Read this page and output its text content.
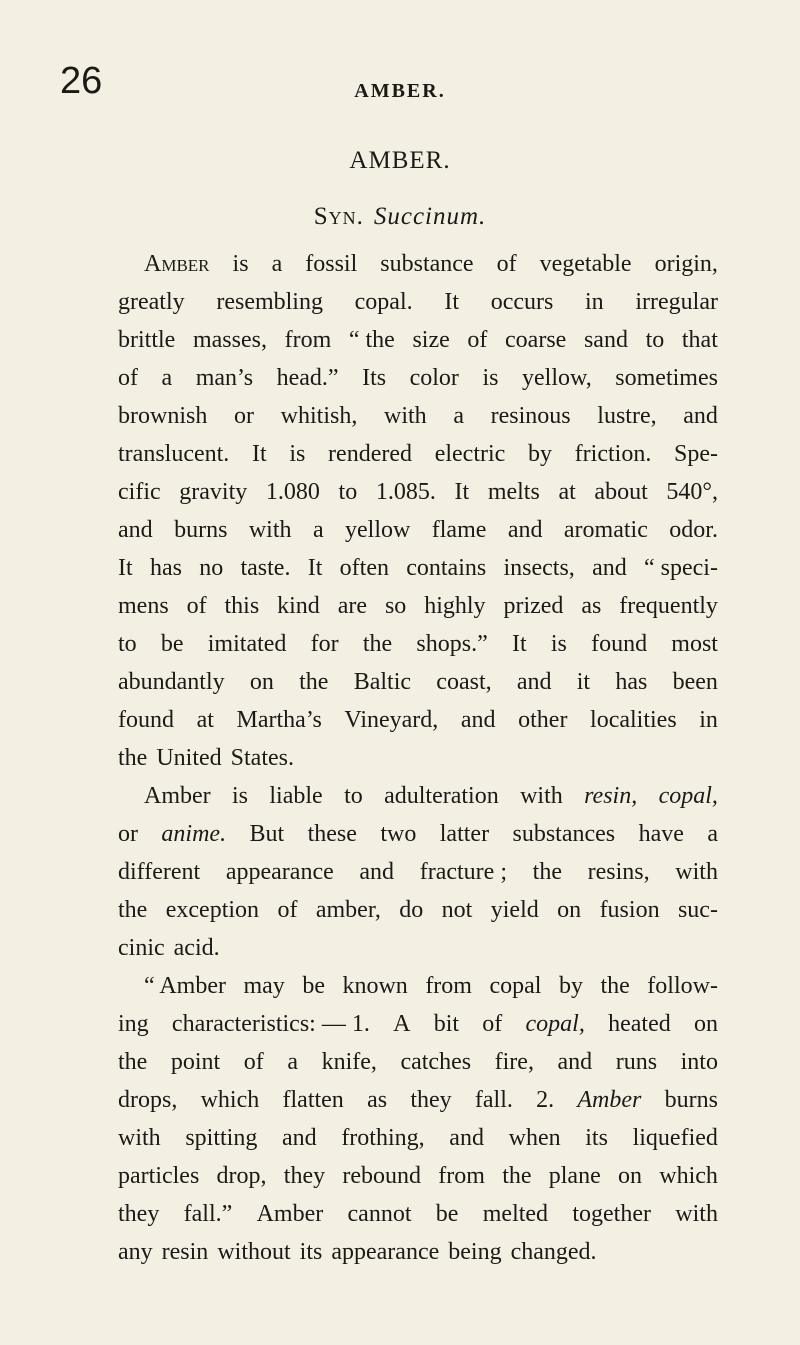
26	AMBER.
AMBER.
Syn. Succinum.
Amber is a fossil substance of vegetable origin,
greatly resembling copal. It occurs in irregular
brittle masses, from “ the size of coarse sand to that
of a man’s head.” Its color is yellow, sometimes
brownish or whitish, with a resinous lustre, and
translucent. It is rendered electric by friction. Spe-
cific gravity 1.080 to 1.085. It melts at about 540°,
and burns with a yellow flame and aromatic odor.
It has no taste. It often contains insects, and “ speci-
mens of this kind are so highly prized as frequently
to be imitated for the shops.” It is found most
abundantly on the Baltic coast, and it has been
found at Martha’s Vineyard, and other localities in
the United States.
Amber is liable to adulteration with resin, copal,
or anime. But these two latter substances have a
different appearance and fracture ; the resins, with
the exception of amber, do not yield on fusion suc-
cinic acid.
“ Amber may be known from copal by the follow-
ing characteristics: — 1. A bit of copal, heated on
the point of a knife, catches fire, and runs into
drops, which flatten as they fall. 2. Amber burns
with spitting and frothing, and when its liquefied
particles drop, they rebound from the plane on which
they fall.” Amber cannot be melted together with
any resin without its appearance being changed.
